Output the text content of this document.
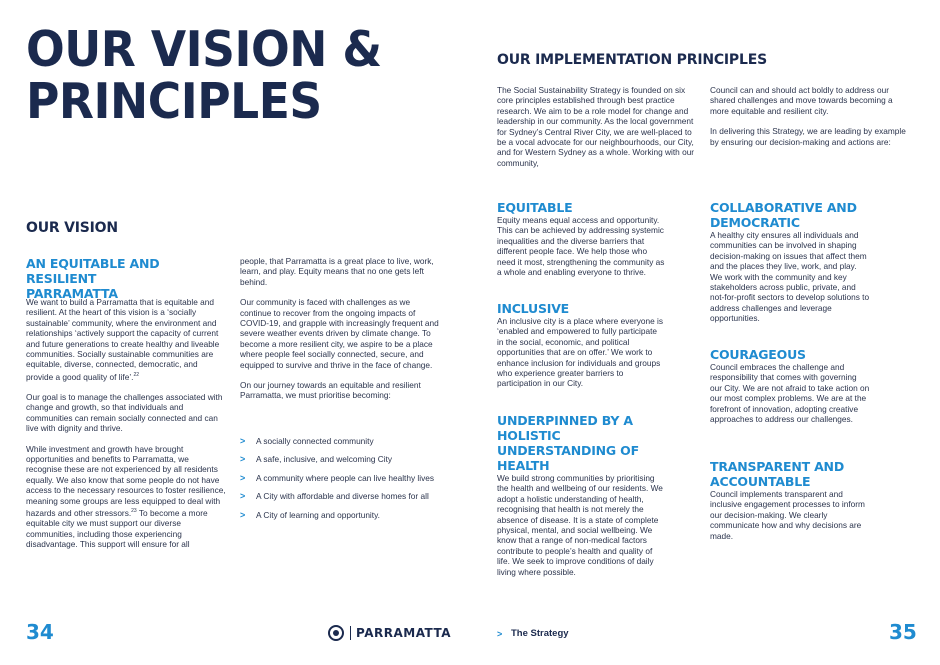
OUR VISION &
PRINCIPLES
OUR VISION
AN EQUITABLE AND RESILIENT
PARRAMATTA

We want to build a Parramatta that is equitable and resilient. At the heart of this vision is a ‘socially sustainable’ community, where the environment and relationships ‘actively support the capacity of current and future generations to create healthy and liveable communities. Socially sustainable communities are equitable, diverse, connected, democratic, and provide a good quality of life’.$^{22}$

Our goal is to manage the challenges associated with change and growth, so that individuals and communities can remain socially connected and can live with dignity and thrive.

While investment and growth have brought opportunities and benefits to Parramatta, we recognise these are not experienced by all residents equally. We also know that some people do not have access to the necessary resources to foster resilience, meaning some groups are less equipped to deal with hazards and other stressors.$^{23}$ To become a more equitable city we must support our diverse communities, including those experiencing disadvantage. This support will ensure for all

people, that Parramatta is a great place to live, work, learn, and play. Equity means that no one gets left behind.

Our community is faced with challenges as we continue to recover from the ongoing impacts of COVID-19, and grapple with increasingly frequent and severe weather events driven by climate change. To become a more resilient city, we aspire to be a place where people feel socially connected, secure, and equipped to survive and thrive in the face of change.

On our journey towards an equitable and resilient Parramatta, we must prioritise becoming:

>	A socially connected community
>	A safe, inclusive, and welcoming City
>	A community where people can live healthy lives
>	A City with affordable and diverse homes for all
>	A City of learning and opportunity.
34	PARRAMATTA
OUR IMPLEMENTATION PRINCIPLES

The Social Sustainability Strategy is founded on six core principles established through best practice research. We aim to be a role model for change and leadership in our community. As the local government for Sydney’s Central River City, we are well-placed to be a vocal advocate for our neighbourhoods, our City, and for Western Sydney as a whole. Working with our community,

Council can and should act boldly to address our shared challenges and move towards becoming a more equitable and resilient city.

In delivering this Strategy, we are leading by example by ensuring our decision-making and actions are:

EQUITABLE
Equity means equal access and opportunity. This can be achieved by addressing systemic inequalities and the diverse barriers that different people face. We help those who need it most, strengthening the community as a whole and enabling everyone to thrive.
INCLUSIVE
An inclusive city is a place where everyone is ‘enabled and empowered to fully participate in the social, economic, and political opportunities that are on offer.’ We work to enhance inclusion for individuals and groups who experience greater barriers to participation in our City.
UNDERPINNED BY A HOLISTIC
UNDERSTANDING OF HEALTH
We build strong communities by prioritising the health and wellbeing of our residents. We adopt a holistic understanding of health, recognising that health is not merely the absence of disease. It is a state of complete physical, mental, and social wellbeing. We know that a range of non-medical factors contribute to people’s health and quality of life. We seek to improve conditions of daily living where possible.
COLLABORATIVE AND
DEMOCRATIC
A healthy city ensures all individuals and communities can be involved in shaping decision-making on issues that affect them and the places they live, work, and play. We work with the community and key stakeholders across public, private, and not-for-profit sectors to develop solutions to address challenges and leverage opportunities.
COURAGEOUS
Council embraces the challenge and responsibility that comes with governing our City. We are not afraid to take action on our most complex problems. We are at the forefront of innovation, adopting creative approaches to address our challenges.
TRANSPARENT AND
ACCOUNTABLE
Council implements transparent and inclusive engagement processes to inform our decision-making. We clearly communicate how and why decisions are made.
> The Strategy	35
